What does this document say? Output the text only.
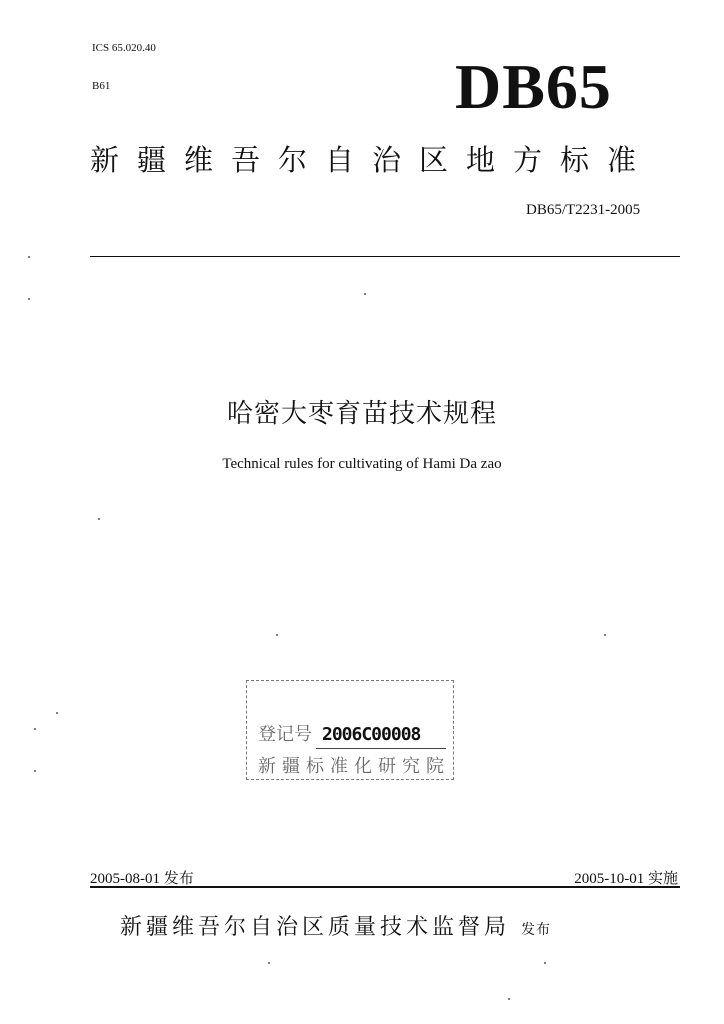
ICS 65.020.40
B61	DB65
新疆维吾尔自治区地方标准
DB65/T2231-2005
哈密大枣育苗技术规程
Technical rules for cultivating of Hami Da zao
登记号 2006C00008
新疆标准化研究院
2005-08-01 发布	2005-10-01 实施
新疆维吾尔自治区质量技术监督局 发布
